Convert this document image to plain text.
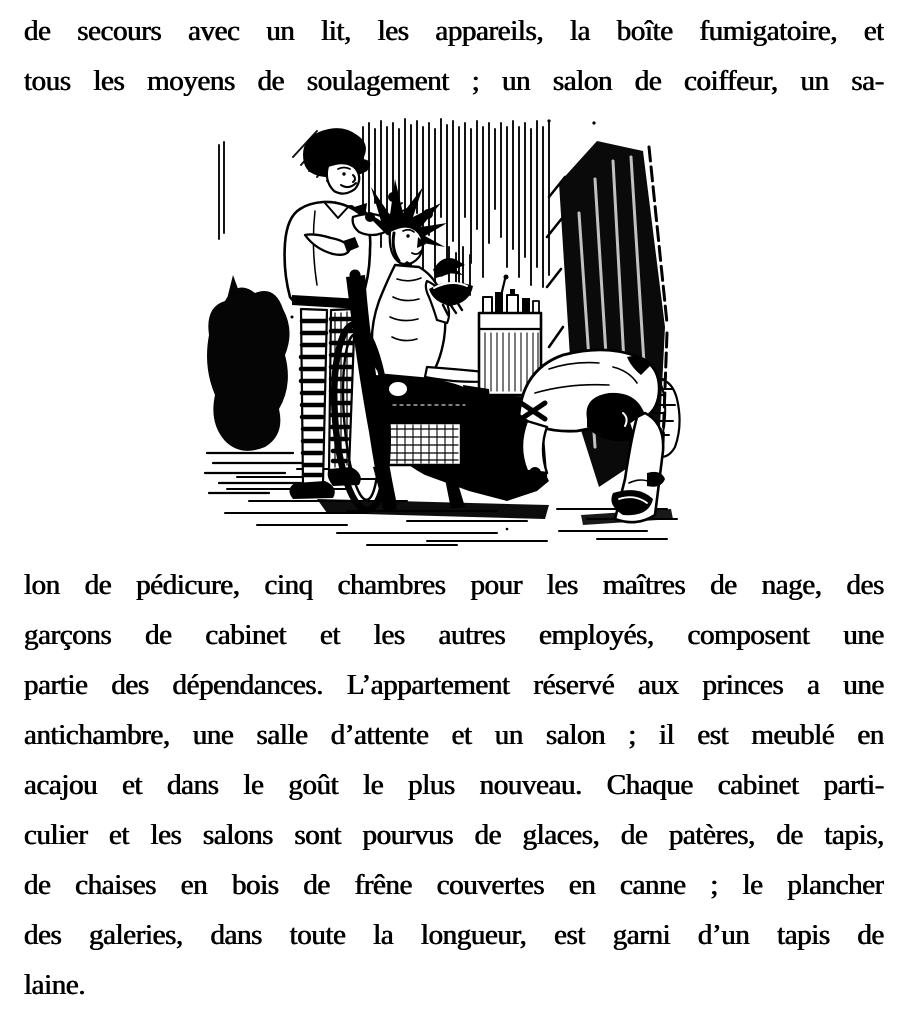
de secours avec un lit, les appareils, la boîte fumigatoire, et
tous les moyens de soulagement ; un salon de coiffeur, un sa-
lon de pédicure, cinq chambres pour les maîtres de nage, des
garçons de cabinet et les autres employés, composent une
partie des dépendances. L’appartement réservé aux princes a une
antichambre, une salle d’attente et un salon ; il est meublé en
acajou et dans le goût le plus nouveau. Chaque cabinet parti-
culier et les salons sont pourvus de glaces, de patères, de tapis,
de chaises en bois de frêne couvertes en canne ; le plancher
des galeries, dans toute la longueur, est garni d’un tapis de
laine.
